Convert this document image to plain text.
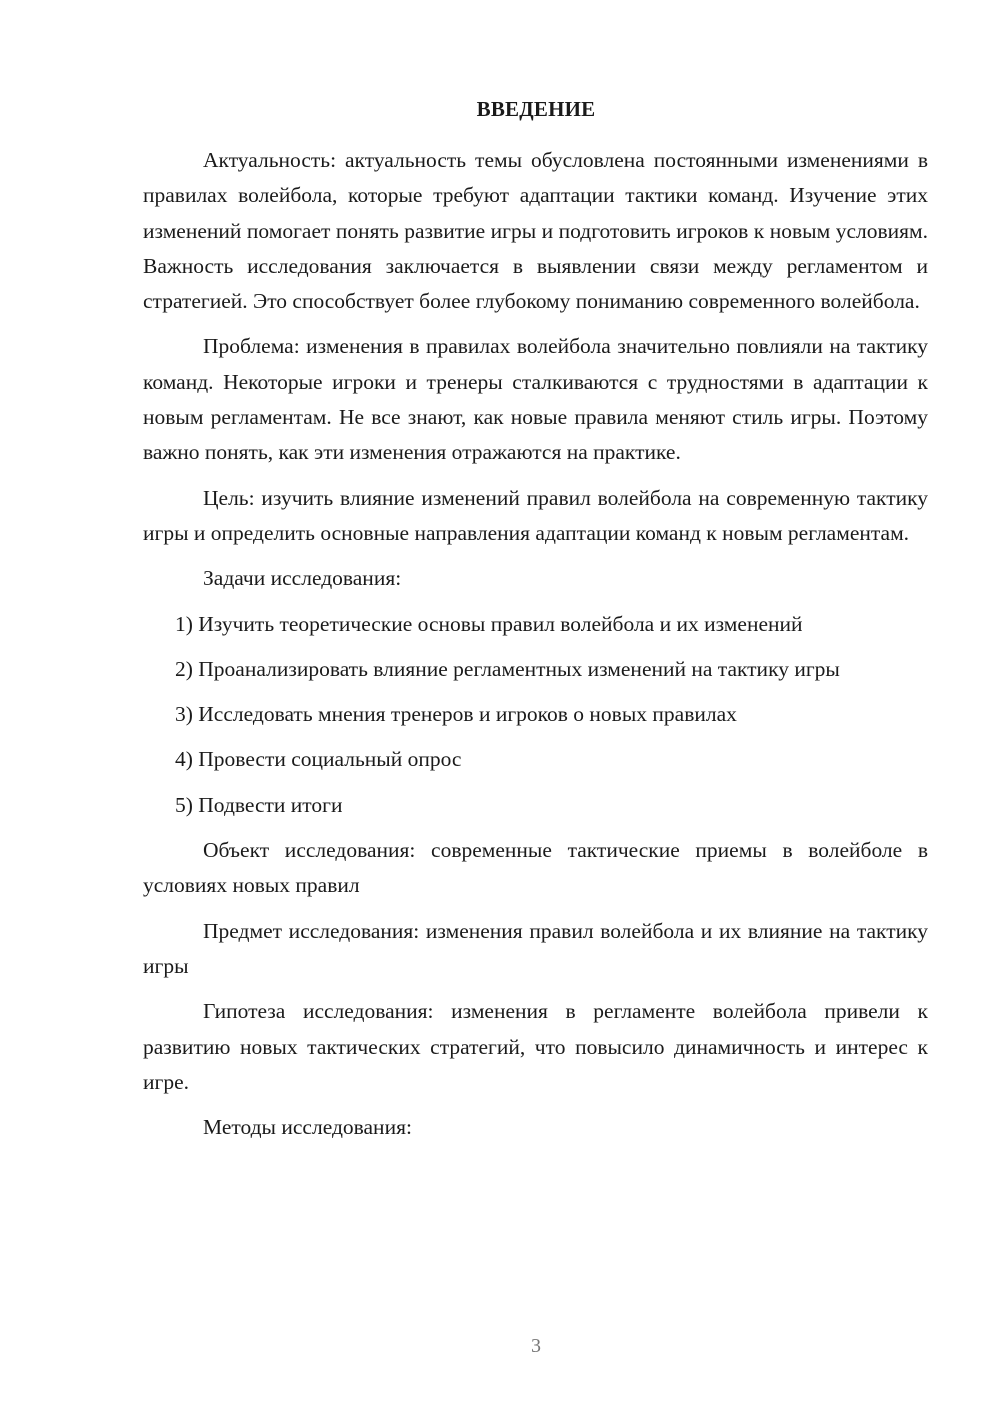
ВВЕДЕНИЕ

Актуальность: актуальность темы обусловлена постоянными изменениями в правилах волейбола, которые требуют адаптации тактики команд. Изучение этих изменений помогает понять развитие игры и подготовить игроков к новым условиям. Важность исследования заключается в выявлении связи между регламентом и стратегией. Это способствует более глубокому пониманию современного волейбола.

Проблема: изменения в правилах волейбола значительно повлияли на тактику команд. Некоторые игроки и тренеры сталкиваются с трудностями в адаптации к новым регламентам. Не все знают, как новые правила меняют стиль игры. Поэтому важно понять, как эти изменения отражаются на практике.

Цель: изучить влияние изменений правил волейбола на современную тактику игры и определить основные направления адаптации команд к новым регламентам.

Задачи исследования:

1) Изучить теоретические основы правил волейбола и их изменений

2) Проанализировать влияние регламентных изменений на тактику игры

3) Исследовать мнения тренеров и игроков о новых правилах

4) Провести социальный опрос

5) Подвести итоги

Объект исследования: современные тактические приемы в волейболе в условиях новых правил

Предмет исследования: изменения правил волейбола и их влияние на тактику игры

Гипотеза исследования: изменения в регламенте волейбола привели к развитию новых тактических стратегий, что повысило динамичность и интерес к игре.

Методы исследования:

3
